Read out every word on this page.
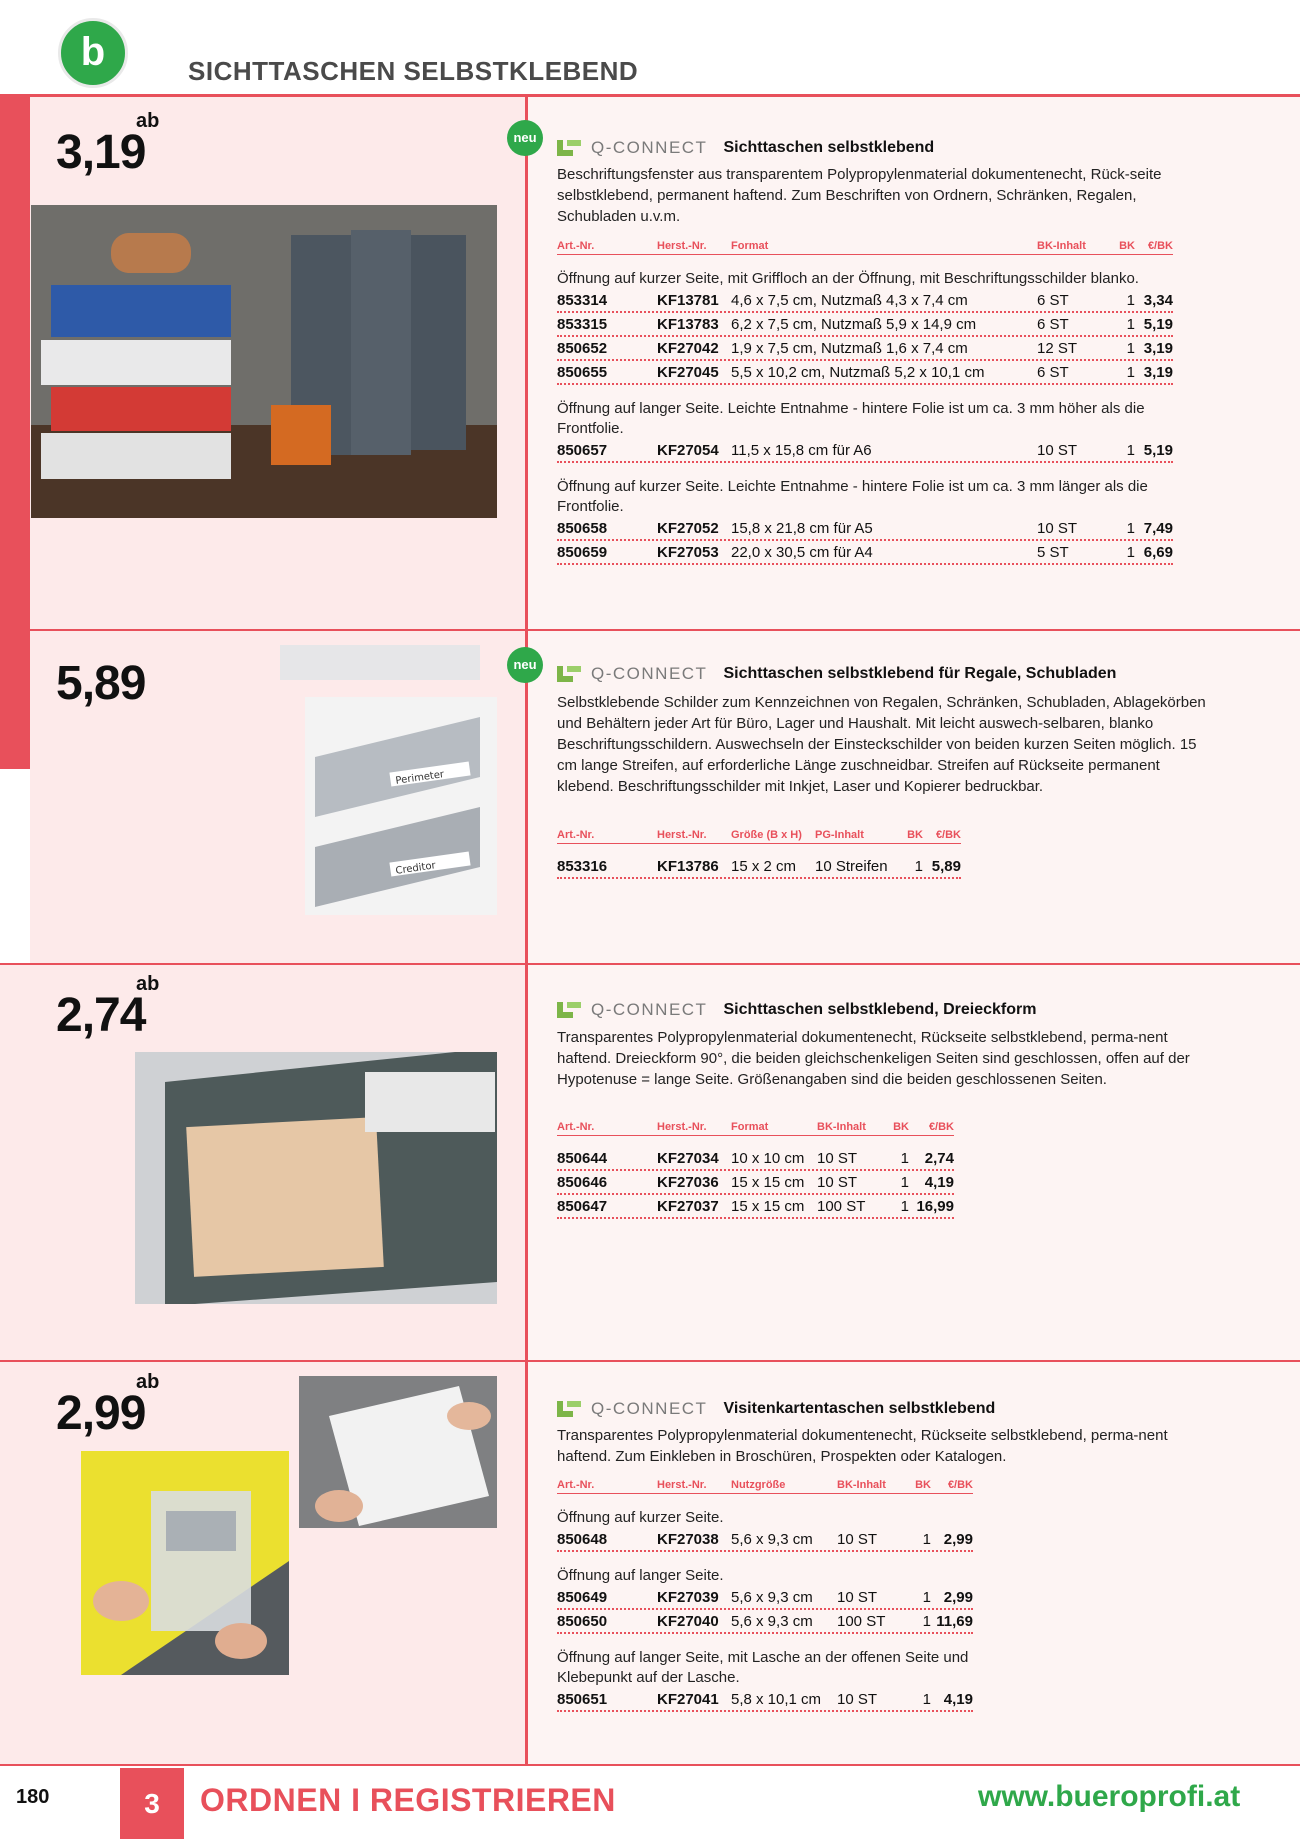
b	SICHTTASCHEN SELBSTKLEBEND
ab
3,19	neu
Q-CONNECT Sichttaschen selbstklebend
Beschriftungsfenster aus transparentem Polypropylenmaterial dokumentenecht, Rück-seite selbstklebend, permanent haftend. Zum Beschriften von Ordnern, Schränken, Regalen, Schubladen u.v.m.
Art.-Nr.	Herst.-Nr.	Format	BK-Inhalt	BK	€/BK
Öffnung auf kurzer Seite, mit Griffloch an der Öffnung, mit Beschriftungsschilder blanko.
853314	KF13781 4,6 x 7,5 cm, Nutzmaß 4,3 x 7,4 cm	6 ST	1 3,34
853315	KF13783 6,2 x 7,5 cm, Nutzmaß 5,9 x 14,9 cm	6 ST	1 5,19
850652	KF27042 1,9 x 7,5 cm, Nutzmaß 1,6 x 7,4 cm	12 ST	1 3,19
850655	KF27045 5,5 x 10,2 cm, Nutzmaß 5,2 x 10,1 cm	6 ST	1 3,19
Öffnung auf langer Seite. Leichte Entnahme - hintere Folie ist um ca. 3 mm höher als die Frontfolie.
850657	KF27054 11,5 x 15,8 cm für A6	10 ST	1 5,19
Öffnung auf kurzer Seite. Leichte Entnahme - hintere Folie ist um ca. 3 mm länger als die Frontfolie.
850658	KF27052 15,8 x 21,8 cm für A5	10 ST	1 7,49
850659	KF27053 22,0 x 30,5 cm für A4	5 ST	1 6,69
5,89
Perimeter
Creditor
neu	Q-CONNECT Sichttaschen selbstklebend für Regale, Schubladen
Selbstklebende Schilder zum Kennzeichnen von Regalen, Schränken, Schubladen, Ablagekörben und Behältern jeder Art für Büro, Lager und Haushalt. Mit leicht auswech-selbaren, blanko Beschriftungsschildern. Auswechseln der Einsteckschilder von beiden kurzen Seiten möglich. 15 cm lange Streifen, auf erforderliche Länge zuschneidbar. Streifen auf Rückseite permanent klebend. Beschriftungsschilder mit Inkjet, Laser und Kopierer bedruckbar.
Art.-Nr.	Herst.-Nr.	Größe (B x H)	PG-Inhalt	BK	€/BK
853316	KF13786 15 x 2 cm	10 Streifen	1 5,89
ab
2,74	Q-CONNECT Sichttaschen selbstklebend, Dreieckform
Transparentes Polypropylenmaterial dokumentenecht, Rückseite selbstklebend, perma-nent haftend. Dreieckform 90°, die beiden gleichschenkeligen Seiten sind geschlossen, offen auf der Hypotenuse = lange Seite. Größenangaben sind die beiden geschlossenen Seiten.
Art.-Nr.	Herst.-Nr.	Format	BK-Inhalt	BK	€/BK
850644	KF27034 10 x 10 cm 10 ST	1	2,74
850646	KF27036 15 x 15 cm 10 ST	1	4,19
850647	KF27037 15 x 15 cm 100 ST	1 16,99
ab
2,99	Q-CONNECT Visitenkartentaschen selbstklebend
Transparentes Polypropylenmaterial dokumentenecht, Rückseite selbstklebend, perma-nent haftend. Zum Einkleben in Broschüren, Prospekten oder Katalogen.
Art.-Nr.	Herst.-Nr.	Nutzgröße	BK-Inhalt	BK	€/BK
Öffnung auf kurzer Seite.
850648	KF27038 5,6 x 9,3 cm	10 ST	1 2,99
Öffnung auf langer Seite.
850649	KF27039 5,6 x 9,3 cm	10 ST	1 2,99
850650	KF27040 5,6 x 9,3 cm	100 ST	1 11,69
Öffnung auf langer Seite, mit Lasche an der offenen Seite und Klebepunkt auf der Lasche.
850651	KF27041 5,8 x 10,1 cm	10 ST	1 4,19
180	3	ORDNEN I REGISTRIEREN	www.bueroprofi.at
